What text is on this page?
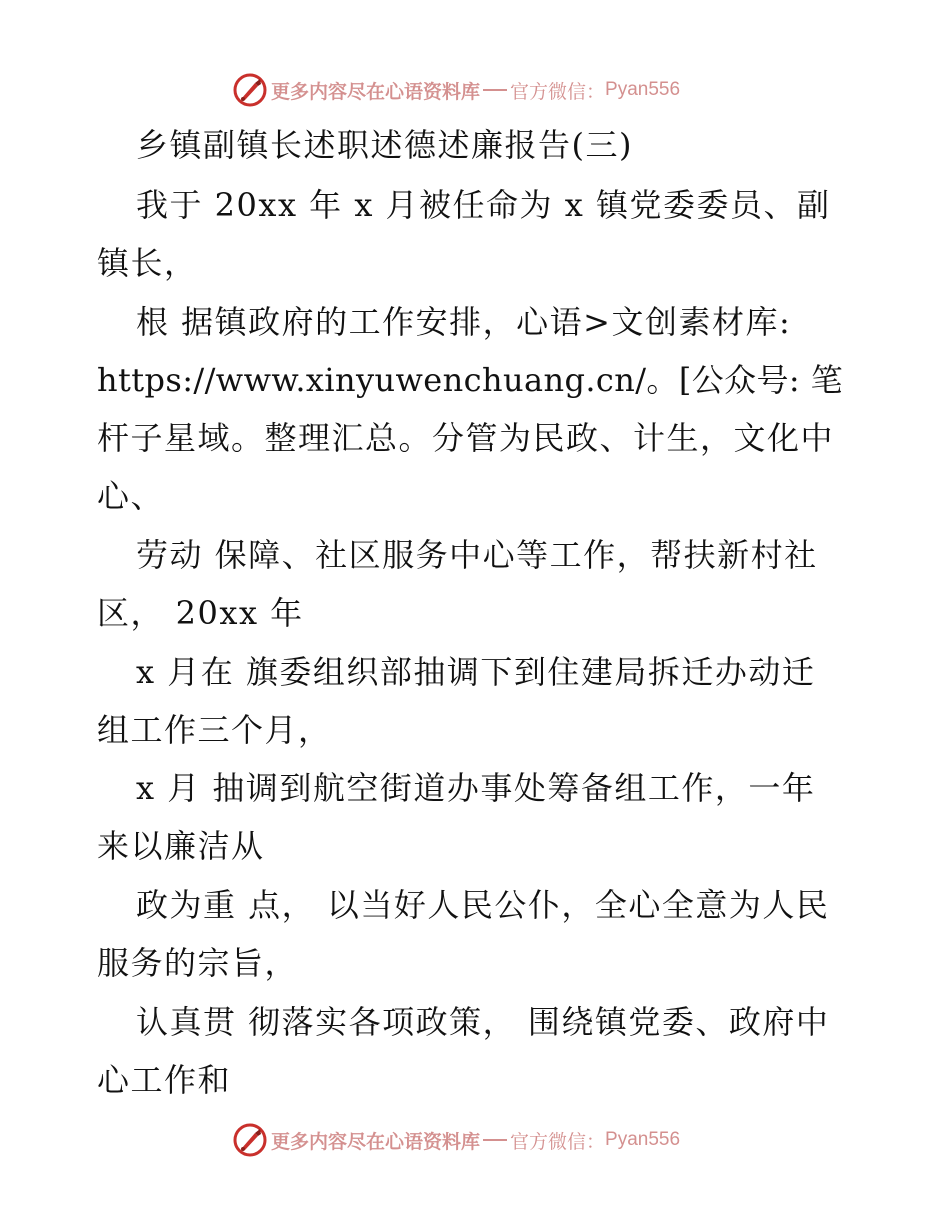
更多内容尽在心语资料库 官方微信： Pyan556
乡镇副镇长述职述德述廉报告(三)
我于 20xx 年 x 月被任命为 x 镇党委委员、副
镇长，
根 据镇政府的工作安排，心语>文创素材库:
https://www.xinyuwenchuang.cn/。[公众号: 笔
杆子星域。整理汇总。分管为民政、计生，文化中
心、
劳动 保障、社区服务中心等工作，帮扶新村社
区， 20xx 年
x 月在 旗委组织部抽调下到住建局拆迁办动迁
组工作三个月，
x 月 抽调到航空街道办事处筹备组工作，一年
来以廉洁从
政为重 点， 以当好人民公仆，全心全意为人民
服务的宗旨，
认真贯 彻落实各项政策， 围绕镇党委、政府中
心工作和
更多内容尽在心语资料库 官方微信： Pyan556
